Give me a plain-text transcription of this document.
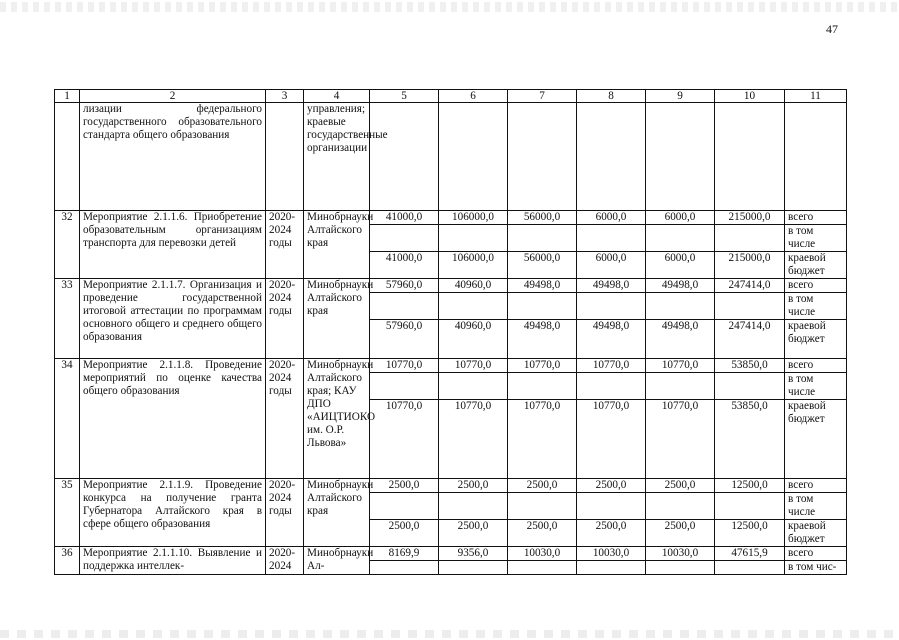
47
1	2	3	4	5	6	7	8	9	10	11
	лизации федерального государственного образовательного стандарта общего образования		управления; краевые государственные организации							
32	Мероприятие 2.1.1.6. Приобретение образовательным организациям транспорта для перевозки детей	2020-2024 годы	Минобрнауки Алтайского края	41000,0	106000,0	56000,0	6000,0	6000,0	215000,0	всего
										в том числе
				41000,0	106000,0	56000,0	6000,0	6000,0	215000,0	краевой бюджет
33	Мероприятие 2.1.1.7. Организация и проведение государственной итоговой аттестации по программам основного общего и среднего общего образования	2020-2024 годы	Минобрнауки Алтайского края	57960,0	40960,0	49498,0	49498,0	49498,0	247414,0	всего
										в том числе
				57960,0	40960,0	49498,0	49498,0	49498,0	247414,0	краевой бюджет
34	Мероприятие 2.1.1.8. Проведение мероприятий по оценке качества общего образования	2020-2024 годы	Минобрнауки Алтайского края; КАУ ДПО «АИЦТИОКО им. О.Р. Львова»	10770,0	10770,0	10770,0	10770,0	10770,0	53850,0	всего
										в том числе
				10770,0	10770,0	10770,0	10770,0	10770,0	53850,0	краевой бюджет
35	Мероприятие 2.1.1.9. Проведение конкурса на получение гранта Губернатора Алтайского края в сфере общего образования	2020-2024 годы	Минобрнауки Алтайского края	2500,0	2500,0	2500,0	2500,0	2500,0	12500,0	всего
										в том числе
				2500,0	2500,0	2500,0	2500,0	2500,0	12500,0	краевой бюджет
36	Мероприятие 2.1.1.10. Выявление и поддержка интеллек-	2020-2024	Минобрнауки Ал-	8169,9	9356,0	10030,0	10030,0	10030,0	47615,9	всего
										в том чис-
